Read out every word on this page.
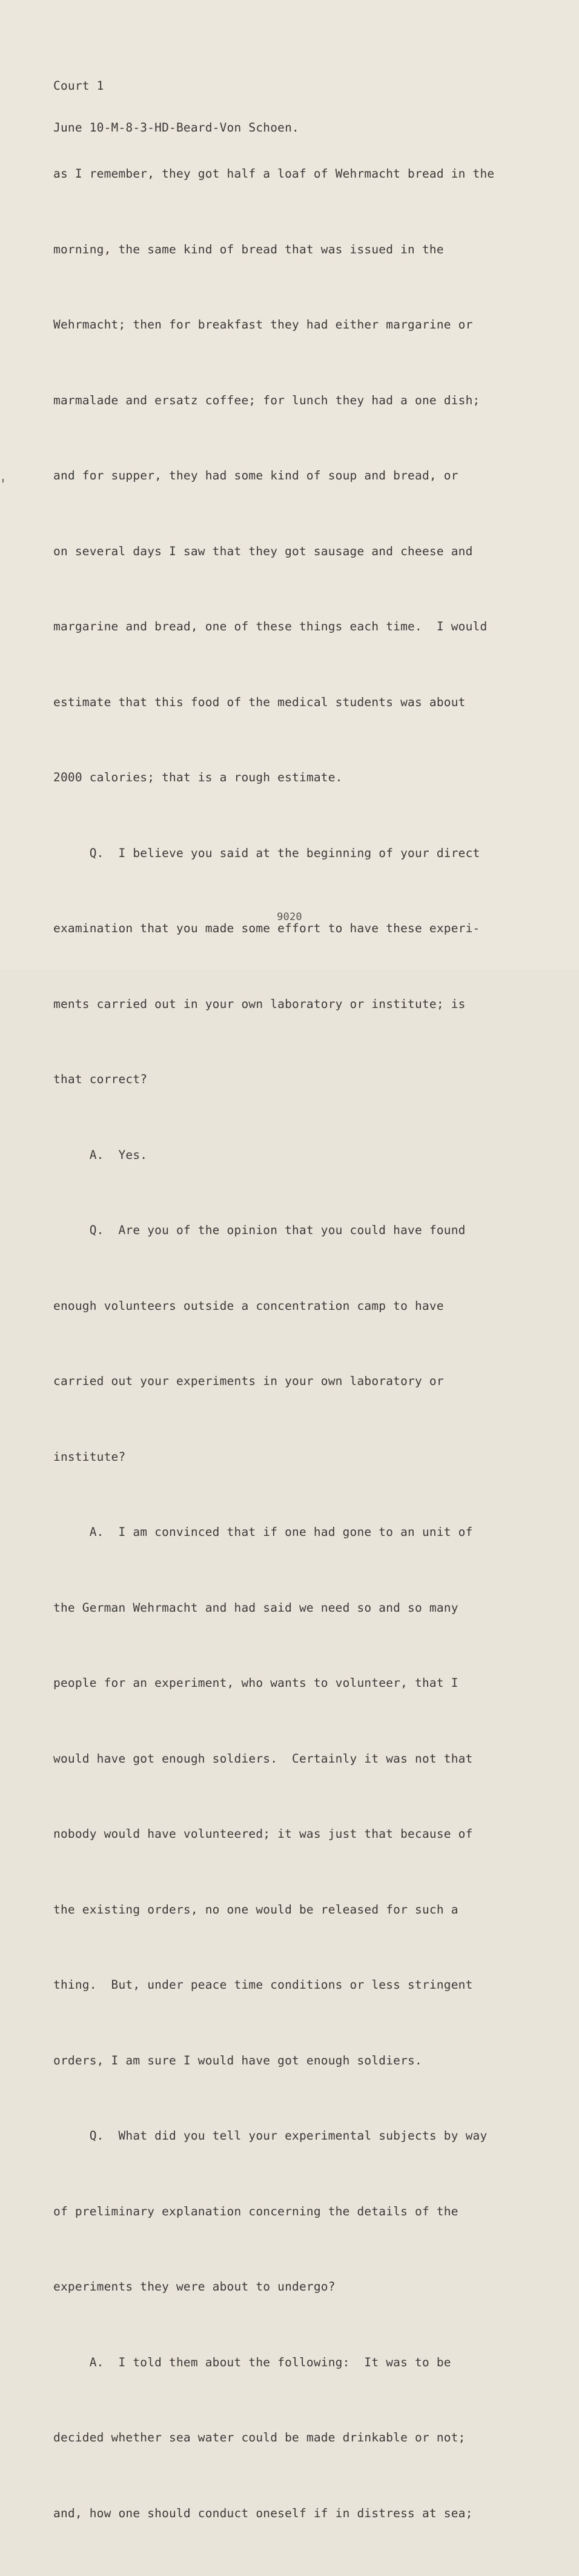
Court 1

June 10-M-8-3-HD-Beard-Von Schoen.

as I remember, they got half a loaf of Wehrmacht bread in the

morning, the same kind of bread that was issued in the

Wehrmacht; then for breakfast they had either margarine or

marmalade and ersatz coffee; for lunch they had a one dish;

and for supper, they had some kind of soup and bread, or

on several days I saw that they got sausage and cheese and

margarine and bread, one of these things each time.  I would

estimate that this food of the medical students was about

2000 calories; that is a rough estimate.

Q.  I believe you said at the beginning of your direct

examination that you made some effort to have these experi-

ments carried out in your own laboratory or institute; is

that correct?

A.  Yes.

Q.  Are you of the opinion that you could have found

enough volunteers outside a concentration camp to have

carried out your experiments in your own laboratory or

institute?

A.  I am convinced that if one had gone to an unit of

the German Wehrmacht and had said we need so and so many

people for an experiment, who wants to volunteer, that I

would have got enough soldiers.  Certainly it was not that

nobody would have volunteered; it was just that because of

the existing orders, no one would be released for such a

thing.  But, under peace time conditions or less stringent

orders, I am sure I would have got enough soldiers.

Q.  What did you tell your experimental subjects by way

of preliminary explanation concerning the details of the

experiments they were about to undergo?

A.  I told them about the following:  It was to be

decided whether sea water could be made drinkable or not;

and, how one should conduct oneself if in distress at sea;

9020
